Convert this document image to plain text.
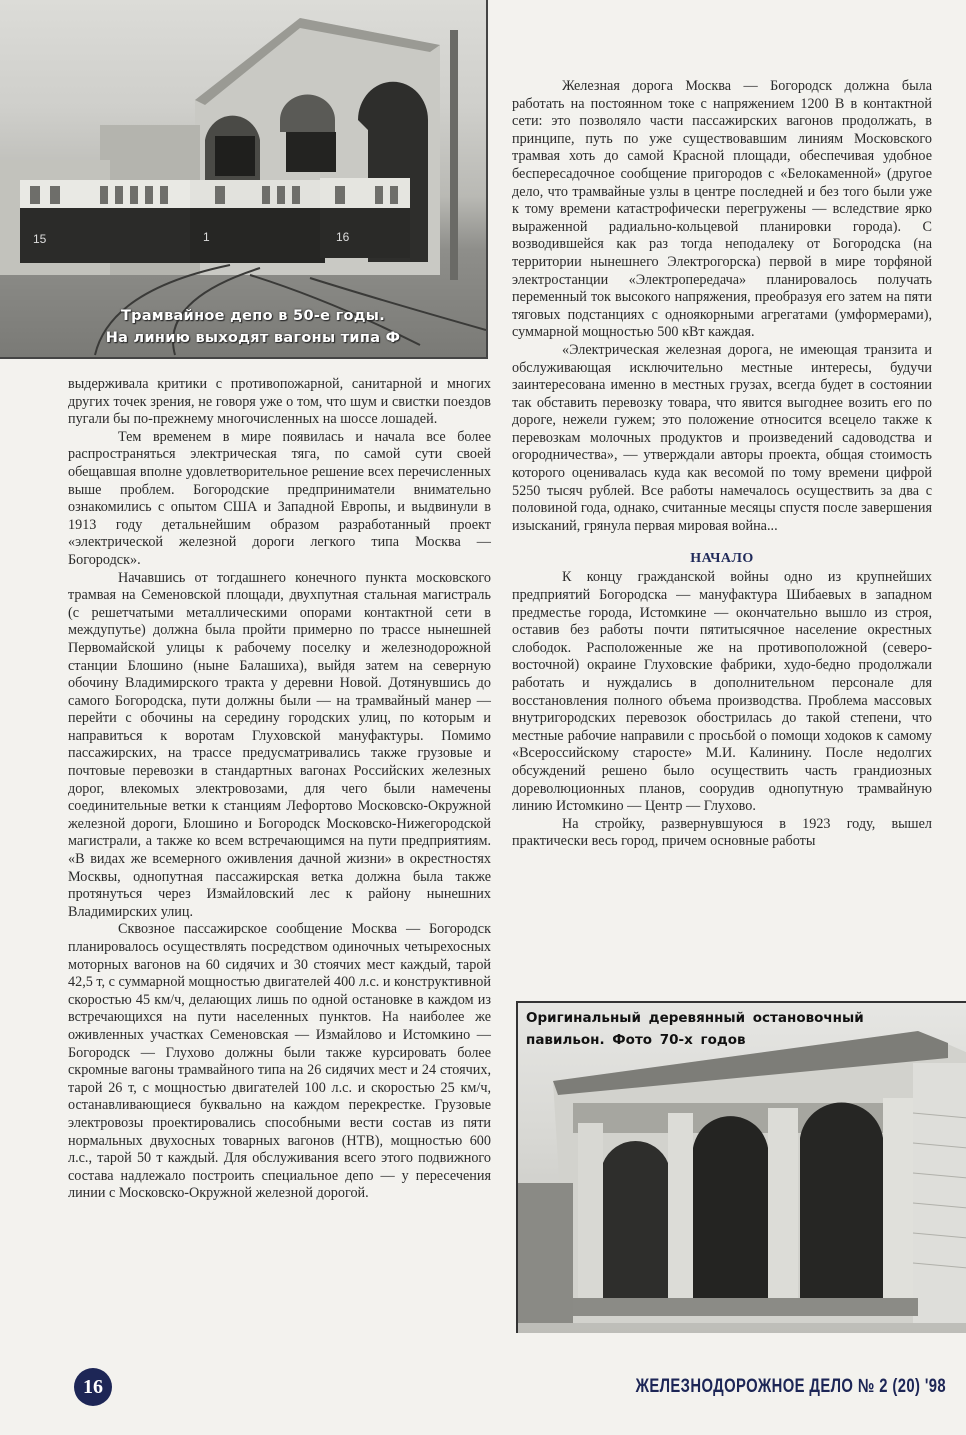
15	1	16
Трамвайное депо в 50-е годы.
На линию выходят вагоны типа Ф

выдерживала критики с противопожарной, санитарной и многих других точек зрения, не говоря уже о том, что шум и свистки поездов пугали бы по-прежнему многочисленных на шоссе лошадей.

Тем временем в мире появилась и начала все более распространяться электрическая тяга, по самой сути своей обещавшая вполне удовлетворительное решение всех перечисленных выше проблем. Богородские предприниматели внимательно ознакомились с опытом США и Западной Европы, и выдвинули в 1913 году детальнейшим образом разработанный проект «электрической железной дороги легкого типа Москва — Богородск».

Начавшись от тогдашнего конечного пункта московского трамвая на Семеновской площади, двухпутная стальная магистраль (с решетчатыми металлическими опорами контактной сети в междупутье) должна была пройти примерно по трассе нынешней Первомайской улицы к рабочему поселку и железнодорожной станции Блошино (ныне Балашиха), выйдя затем на северную обочину Владимирского тракта у деревни Новой. Дотянувшись до самого Богородска, пути должны были — на трамвайный манер — перейти с обочины на середину городских улиц, по которым и направиться к воротам Глуховской мануфактуры. Помимо пассажирских, на трассе предусматривались также грузовые и почтовые перевозки в стандартных вагонах Российских железных дорог, влекомых электровозами, для чего были намечены соединительные ветки к станциям Лефортово Московско-Окружной железной дороги, Блошино и Богородск Московско-Нижегородской магистрали, а также ко всем встречающимся на пути предприятиям. «В видах же всемерного оживления дачной жизни» в окрестностях Москвы, однопутная пассажирская ветка должна была также протянуться через Измайловский лес к району нынешних Владимирских улиц.

Сквозное пассажирское сообщение Москва — Богородск планировалось осуществлять посредством одиночных четырехосных моторных вагонов на 60 сидячих и 30 стоячих мест каждый, тарой 42,5 т, с суммарной мощностью двигателей 400 л.с. и конструктивной скоростью 45 км/ч, делающих лишь по одной остановке в каждом из встречающихся на пути населенных пунктов. На наиболее же оживленных участках Семеновская — Измайлово и Истомкино — Богородск — Глухово должны были также курсировать более скромные вагоны трамвайного типа на 26 сидячих мест и 24 стоячих, тарой 26 т, с мощностью двигателей 100 л.с. и скоростью 25 км/ч, останавливающиеся буквально на каждом перекрестке. Грузовые электровозы проектировались способными вести состав из пяти нормальных двухосных товарных вагонов (НТВ), мощностью 600 л.с., тарой 50 т каждый. Для обслуживания всего этого подвижного состава надлежало построить специальное депо — у пересечения линии с Московско-Окружной железной дорогой.

Железная дорога Москва — Богородск должна была работать на постоянном токе с напряжением 1200 В в контактной сети: это позволяло части пассажирских вагонов продолжать, в принципе, путь по уже существовавшим линиям Московского трамвая хоть до самой Красной площади, обеспечивая удобное беспересадочное сообщение пригородов с «Белокаменной» (другое дело, что трамвайные узлы в центре последней и без того были уже к тому времени катастрофически перегружены — вследствие ярко выраженной радиально-кольцевой планировки города). С возводившейся как раз тогда неподалеку от Богородска (на территории нынешнего Электрогорска) первой в мире торфяной электростанции «Электропередача» планировалось получать переменный ток высокого напряжения, преобразуя его затем на пяти тяговых подстанциях с одноякорными агрегатами (умформерами), суммарной мощностью 500 кВт каждая.

«Электрическая железная дорога, не имеющая транзита и обслуживающая исключительно местные интересы, будучи заинтересована именно в местных грузах, всегда будет в состоянии так обставить перевозку товара, что явится выгоднее возить его по дороге, нежели гужем; это положение относится всецело также к перевозкам молочных продуктов и произведений садоводства и огородничества», — утверждали авторы проекта, общая стоимость которого оценивалась куда как весомой по тому времени цифрой 5250 тысяч рублей. Все работы намечалось осуществить за два с половиной года, однако, считанные месяцы спустя после завершения изысканий, грянула первая мировая война...

НАЧАЛО

К концу гражданской войны одно из крупнейших предприятий Богородска — мануфактура Шибаевых в западном предместье города, Истомкине — окончательно вышло из строя, оставив без работы почти пятитысячное население окрестных слободок. Расположенные же на противоположной (северо-восточной) окраине Глуховские фабрики, худо-бедно продолжали работать и нуждались в дополнительном персонале для восстановления полного объема производства. Проблема массовых внутригородских перевозок обострилась до такой степени, что местные рабочие направили с просьбой о помощи ходоков к самому «Всероссийскому старосте» М.И. Калинину. После недолгих обсуждений решено было осуществить часть грандиозных дореволюционных планов, соорудив однопутную трамвайную линию Истомкино — Центр — Глухово.

На стройку, развернувшуюся в 1923 году, вышел практически весь город, причем основные работы

Оригинальный деревянный остановочный павильон. Фото 70-х годов
16	ЖЕЛЕЗНОДОРОЖНОЕ ДЕЛО № 2 (20) '98
